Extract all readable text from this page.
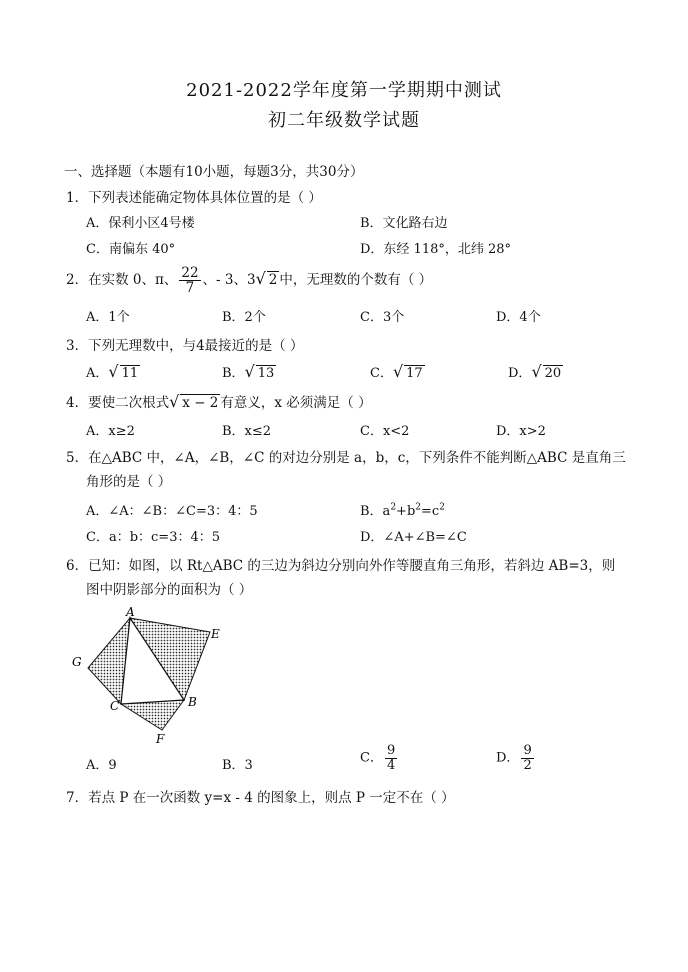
2021-2022学年度第一学期期中测试
初二年级数学试题
一、选择题（本题有10小题，每题3分，共30分）
1．下列表述能确定物体具体位置的是（ ）
A．保利小区4号楼	B．文化路右边
C．南偏东 40°	D．东经 118°，北纬 28°
2．在实数 0、π、 $\frac{22}{7}$ 、- 3、3√ 2 中，无理数的个数有（ ）
A．1个	B．2个	C．3个	D．4个
3．下列无理数中，与4最接近的是（ ）
A．√ 11	B．√ 13	C．√ 17	D．√ 20
4．要使二次根式√ x − 2 有意义，x 必须满足（ ）
A．x≥2	B．x≤2	C．x<2	D．x>2
5．在△ABC 中，∠A，∠B，∠C 的对边分别是 a，b，c，下列条件不能判断△ABC 是直角三
角形的是（ ）
A．∠A：∠B：∠C=3：4：5	B．$a^2+b^2=c^2$
C．a：b：c=3：4：5	D．∠A+∠B=∠C
6．已知：如图，以 Rt△ABC 的三边为斜边分别向外作等腰直角三角形，若斜边 AB=3，则
图中阴影部分的面积为（ ）
A
B
C
E
F
G
A．9	B．3	C． $\frac{9}{4}$	D． $\frac{9}{2}$
7．若点 P 在一次函数 y=x - 4 的图象上，则点 P 一定不在（ ）
